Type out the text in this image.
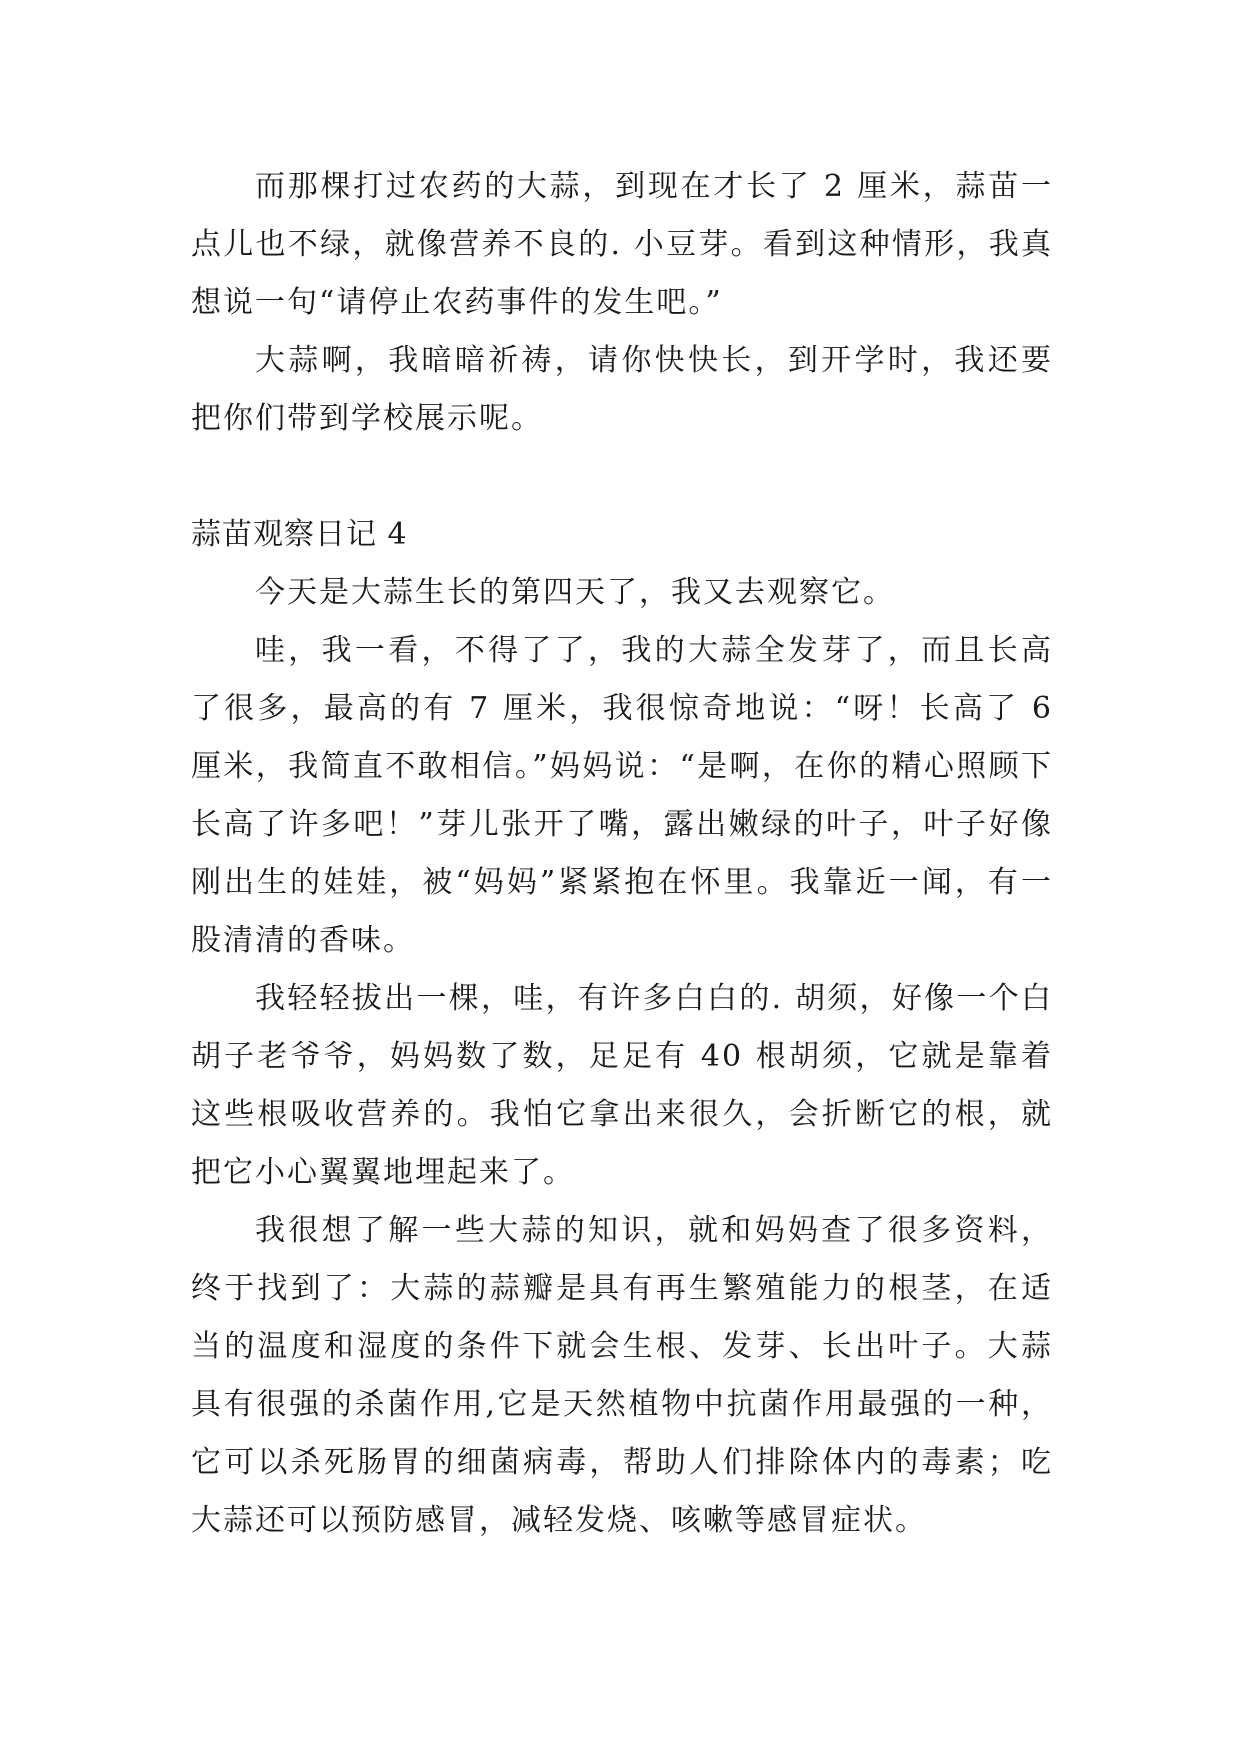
而那棵打过农药的大蒜，到现在才长了 2 厘米，蒜苗一点儿也不绿，就像营养不良的. 小豆芽。看到这种情形，我真想说一句“请停止农药事件的发生吧。”

大蒜啊，我暗暗祈祷，请你快快长，到开学时，我还要把你们带到学校展示呢。

蒜苗观察日记 4

今天是大蒜生长的第四天了，我又去观察它。

哇，我一看，不得了了，我的大蒜全发芽了，而且长高了很多，最高的有 7 厘米，我很惊奇地说：“呀！长高了 6 厘米，我简直不敢相信。”妈妈说：“是啊，在你的精心照顾下长高了许多吧！”芽儿张开了嘴，露出嫩绿的叶子，叶子好像刚出生的娃娃，被“妈妈”紧紧抱在怀里。我靠近一闻，有一股清清的香味。

我轻轻拔出一棵，哇，有许多白白的. 胡须，好像一个白胡子老爷爷，妈妈数了数，足足有 40 根胡须，它就是靠着这些根吸收营养的。我怕它拿出来很久，会折断它的根，就把它小心翼翼地埋起来了。

我很想了解一些大蒜的知识，就和妈妈查了很多资料，终于找到了：大蒜的蒜瓣是具有再生繁殖能力的根茎，在适当的温度和湿度的条件下就会生根、发芽、长出叶子。大蒜具有很强的杀菌作用,它是天然植物中抗菌作用最强的一种，它可以杀死肠胃的细菌病毒，帮助人们排除体内的毒素；吃大蒜还可以预防感冒，减轻发烧、咳嗽等感冒症状。
